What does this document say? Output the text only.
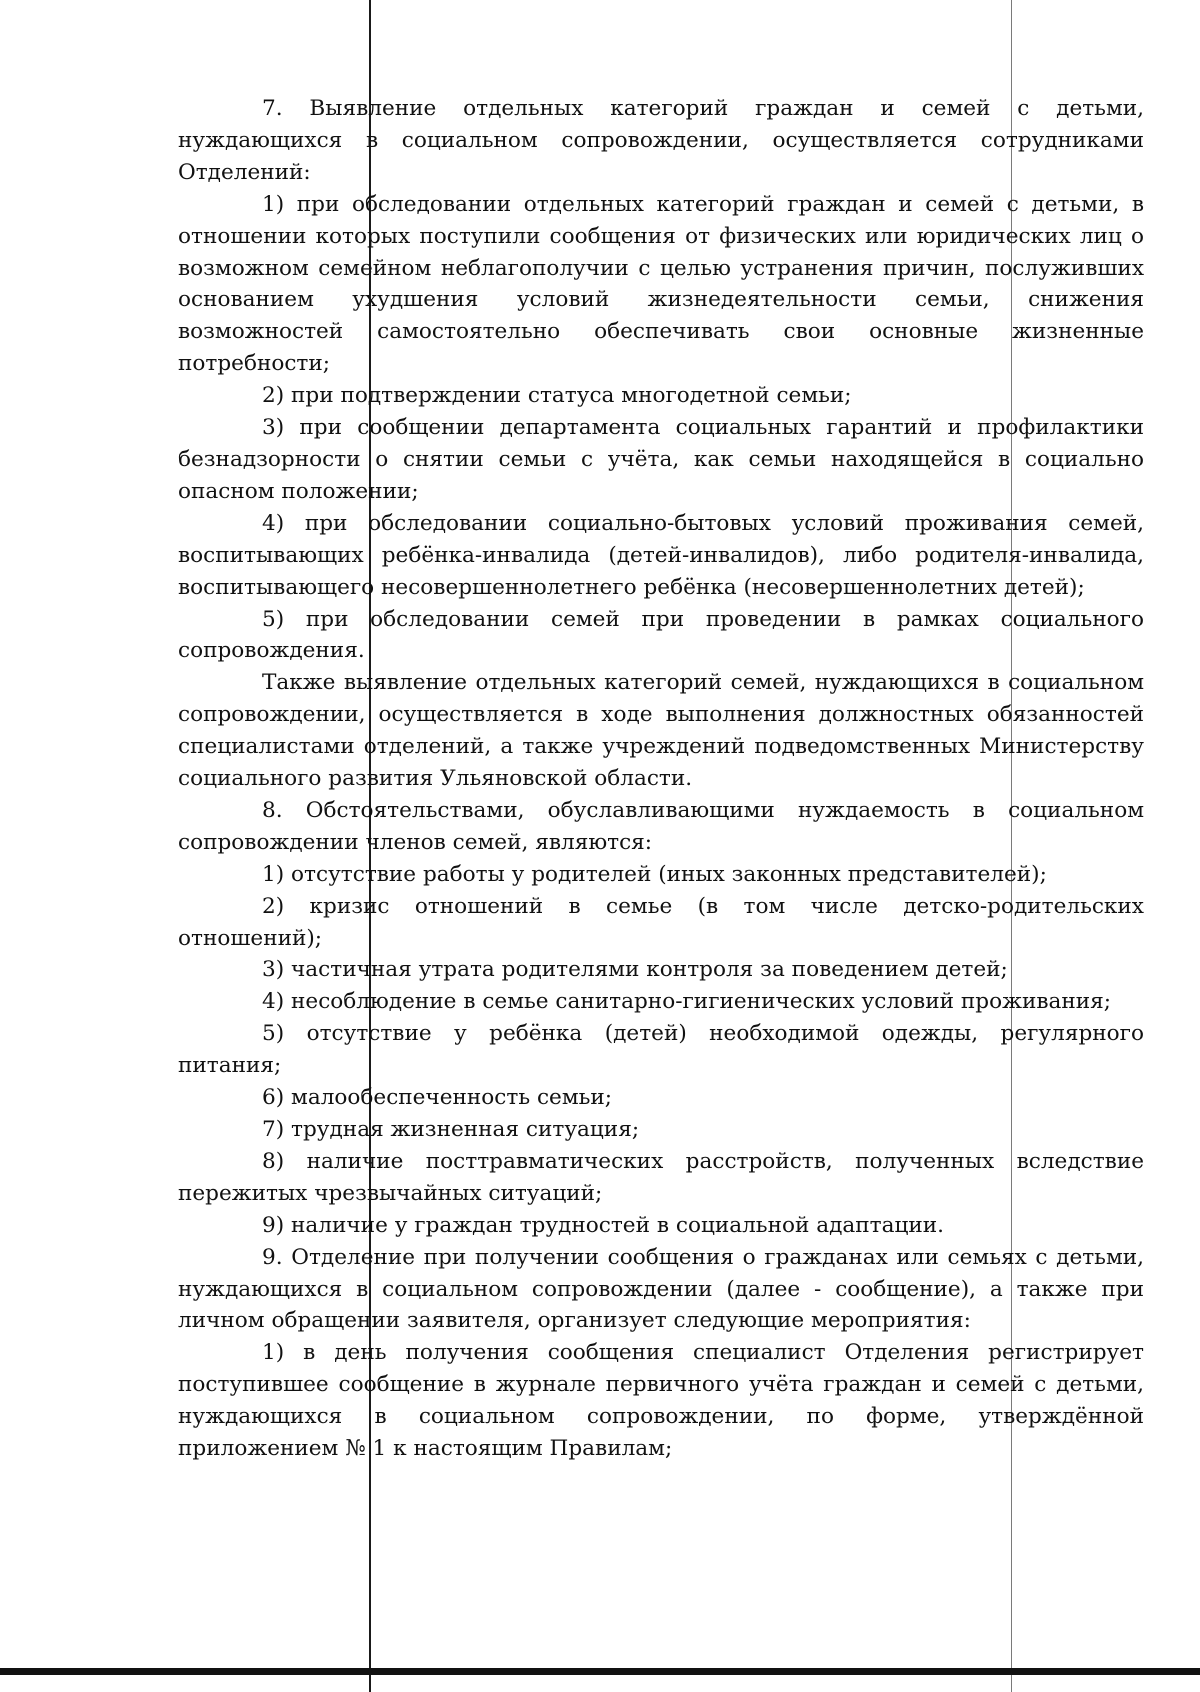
7. Выявление отдельных категорий граждан и семей с детьми, нуждающихся в социальном сопровождении, осуществляется сотрудниками Отделений:

1) при обследовании отдельных категорий граждан и семей с детьми, в отношении которых поступили сообщения от физических или юридических лиц о возможном семейном неблагополучии с целью устранения причин, послуживших основанием ухудшения условий жизнедеятельности семьи, снижения возможностей самостоятельно обеспечивать свои основные жизненные потребности;

2) при подтверждении статуса многодетной семьи;

3) при сообщении департамента социальных гарантий и профилактики безнадзорности о снятии семьи с учёта, как семьи находящейся в социально опасном положении;

4) при обследовании социально-бытовых условий проживания семей, воспитывающих ребёнка-инвалида (детей-инвалидов), либо родителя-инвалида, воспитывающего несовершеннолетнего ребёнка (несовершеннолетних детей);

5) при обследовании семей при проведении в рамках социального сопровождения.

Также выявление отдельных категорий семей, нуждающихся в социальном сопровождении, осуществляется в ходе выполнения должностных обязанностей специалистами отделений, а также учреждений подведомственных Министерству социального развития Ульяновской области.

8. Обстоятельствами, обуславливающими нуждаемость в социальном сопровождении членов семей, являются:

1) отсутствие работы у родителей (иных законных представителей);

2) кризис отношений в семье (в том числе детско-родительских отношений);

3) частичная утрата родителями контроля за поведением детей;

4) несоблюдение в семье санитарно-гигиенических условий проживания;

5) отсутствие у ребёнка (детей) необходимой одежды, регулярного питания;

6) малообеспеченность семьи;

7) трудная жизненная ситуация;

8) наличие посттравматических расстройств, полученных вследствие пережитых чрезвычайных ситуаций;

9) наличие у граждан трудностей в социальной адаптации.

9. Отделение при получении сообщения о гражданах или семьях с детьми, нуждающихся в социальном сопровождении (далее - сообщение), а также при личном обращении заявителя, организует следующие мероприятия:

1) в день получения сообщения специалист Отделения регистрирует поступившее сообщение в журнале первичного учёта граждан и семей с детьми, нуждающихся в социальном сопровождении, по форме, утверждённой приложением № 1 к настоящим Правилам;
